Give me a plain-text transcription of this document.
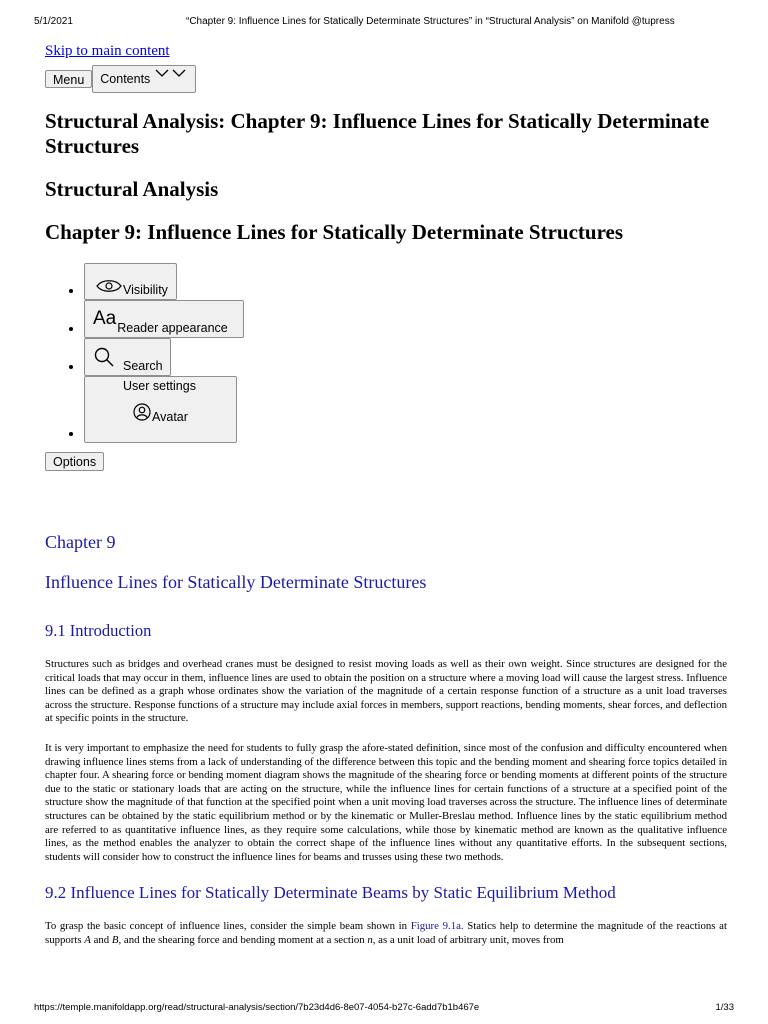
5/1/2021	“Chapter 9: Influence Lines for Statically Determinate Structures” in “Structural Analysis” on Manifold @tupress
Skip to main content
Menu	Contents
Structural Analysis: Chapter 9: Influence Lines for Statically Determinate Structures
Structural Analysis
Chapter 9: Influence Lines for Statically Determinate Structures
• Visibility
• Aa Reader appearance
• Search
• User settings
Avatar
Options
Chapter 9
Influence Lines for Statically Determinate Structures
9.1 Introduction

Structures such as bridges and overhead cranes must be designed to resist moving loads as well as their own weight. Since structures are designed for the critical loads that may occur in them, influence lines are used to obtain the position on a structure where a moving load will cause the largest stress. Influence lines can be defined as a graph whose ordinates show the variation of the magnitude of a certain response function of a structure as a unit load traverses across the structure. Response functions of a structure may include axial forces in members, support reactions, bending moments, shear forces, and deflection at specific points in the structure.

It is very important to emphasize the need for students to fully grasp the afore-stated definition, since most of the confusion and difficulty encountered when drawing influence lines stems from a lack of understanding of the difference between this topic and the bending moment and shearing force topics detailed in chapter four. A shearing force or bending moment diagram shows the magnitude of the shearing force or bending moments at different points of the structure due to the static or stationary loads that are acting on the structure, while the influence lines for certain functions of a structure at a specified point of the structure show the magnitude of that function at the specified point when a unit moving load traverses across the structure. The influence lines of determinate structures can be obtained by the static equilibrium method or by the kinematic or Muller-Breslau method. Influence lines by the static equilibrium method are referred to as quantitative influence lines, as they require some calculations, while those by kinematic method are known as the qualitative influence lines, as the method enables the analyzer to obtain the correct shape of the influence lines without any quantitative efforts. In the subsequent sections, students will consider how to construct the influence lines for beams and trusses using these two methods.

9.2 Influence Lines for Statically Determinate Beams by Static Equilibrium Method

To grasp the basic concept of influence lines, consider the simple beam shown in Figure 9.1a. Statics help to determine the magnitude of the reactions at supports A and B, and the shearing force and bending moment at a section n, as a unit load of arbitrary unit, moves from

https://temple.manifoldapp.org/read/structural-analysis/section/7b23d4d6-8e07-4054-b27c-6add7b1b467e	1/33
